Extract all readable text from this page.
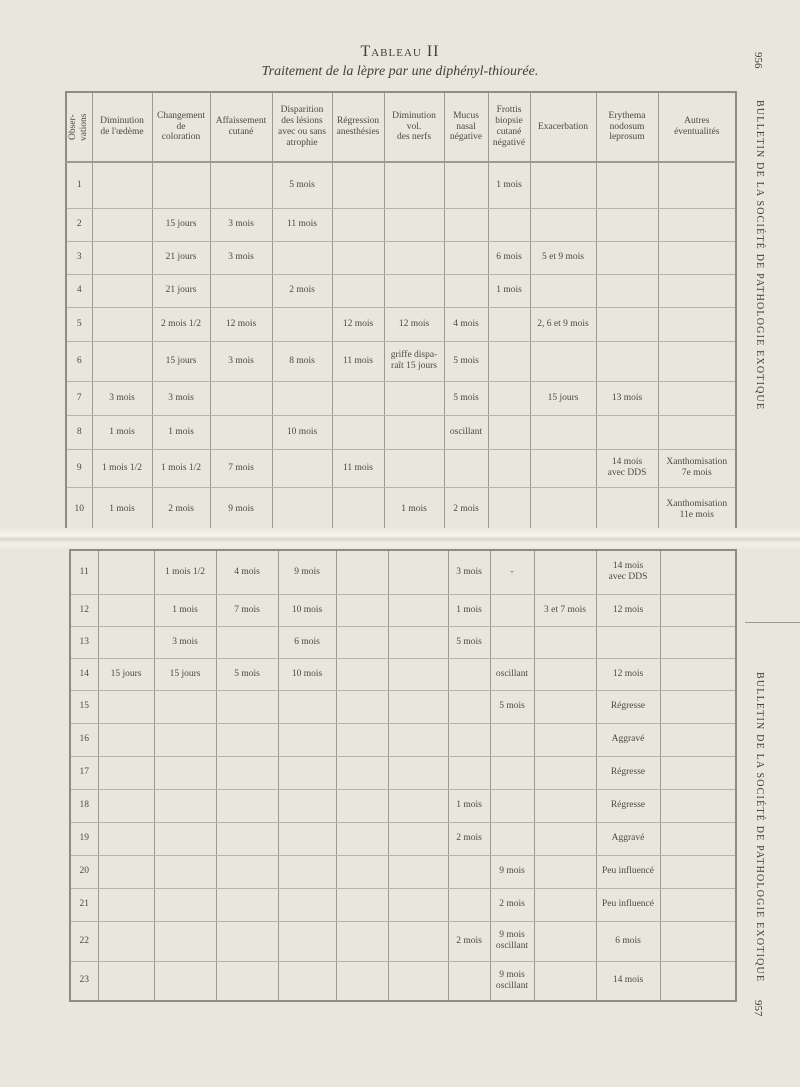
Tableau II
Traitement de la lèpre par une diphényl-thiourée.
956
BULLETIN DE LA SOCIÉTÉ DE PATHOLOGIE EXOTIQUE
BULLETIN DE LA SOCIÉTÉ DE PATHOLOGIE EXOTIQUE
957
Obser-
vations	Diminution
de l'œdème	Changement
de
coloration	Affaissement
cutané	Disparition
des lésions
avec ou sans
atrophie	Régression
anesthésies	Diminution
vol.
des nerfs	Mucus
nasal
négative	Frottis
biopsie
cutané
négativé	Exacerbation	Erythema
nodosum
leprosum	Autres
éventualités
1				5 mois				1 mois			
2		15 jours	3 mois	11 mois							
3		21 jours	3 mois					6 mois	5 et 9 mois		
4		21 jours		2 mois				1 mois			
5		2 mois 1/2	12 mois		12 mois	12 mois	4 mois		2, 6 et 9 mois		
6		15 jours	3 mois	8 mois	11 mois	griffe dispa-
raît 15 jours	5 mois				
7	3 mois	3 mois					5 mois		15 jours	13 mois	
8	1 mois	1 mois		10 mois			oscillant				
9	1 mois 1/2	1 mois 1/2	7 mois		11 mois					14 mois
avec DDS	Xanthomisation
7e mois
10	1 mois	2 mois	9 mois			1 mois	2 mois				Xanthomisation
11e mois
11		1 mois 1/2	4 mois	9 mois			3 mois	-		14 mois
avec DDS	
12		1 mois	7 mois	10 mois			1 mois		3 et 7 mois	12 mois	
13		3 mois		6 mois			5 mois				
14	15 jours	15 jours	5 mois	10 mois				oscillant		12 mois	
15								5 mois		Régresse	
16										Aggravé	
17										Régresse	
18							1 mois			Régresse	
19							2 mois			Aggravé	
20								9 mois		Peu influencé	
21								2 mois		Peu influencé	
22							2 mois	9 mois
oscillant		6 mois	
23								9 mois
oscillant		14 mois	
